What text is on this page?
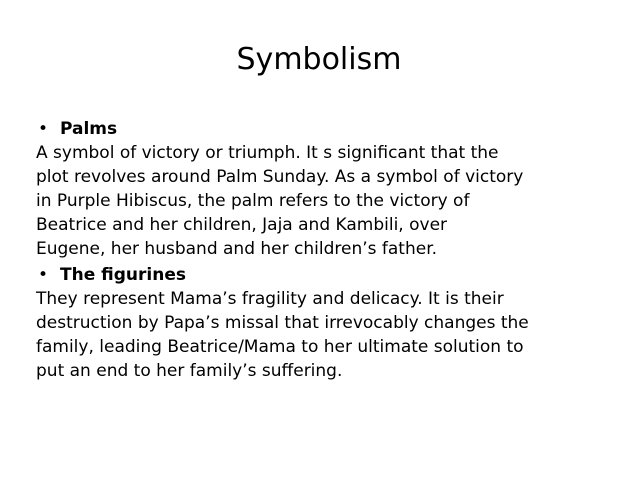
Symbolism
• Palms
A symbol of victory or triumph. It s significant that the
plot revolves around Palm Sunday. As a symbol of victory
in Purple Hibiscus, the palm refers to the victory of
Beatrice and her children, Jaja and Kambili, over
Eugene, her husband and her children’s father.
• The figurines
They represent Mama’s fragility and delicacy. It is their
destruction by Papa’s missal that irrevocably changes the
family, leading Beatrice/Mama to her ultimate solution to
put an end to her family’s suffering.
